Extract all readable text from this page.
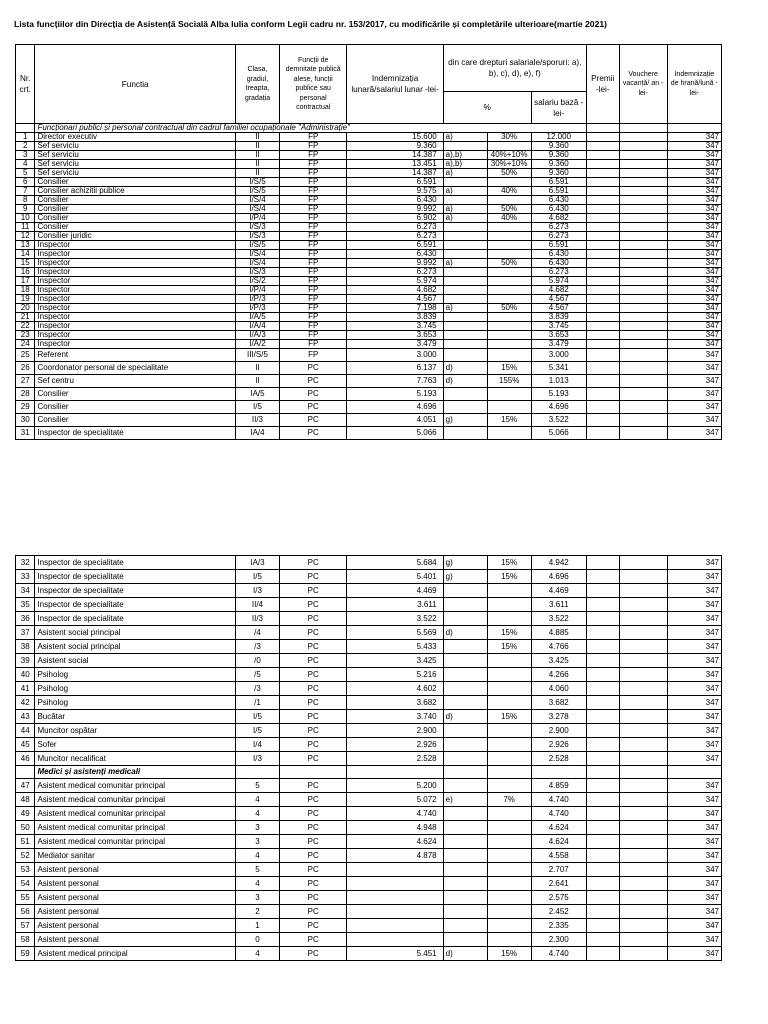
Lista funcțiilor din Direcția de Asistență Socială Alba Iulia conform Legii cadru nr. 153/2017, cu modificările și completările ulterioare(martie 2021)
Nr. crt.	Functia	Clasa, gradul, treapta, gradația	Funcții de demnitate publică alese, funcții publice sau personal contractual	Indemnizația lunară/salariul lunar -lei-	din care drepturi salariale/sporuri: a), b), c), d), e), f)			Premii -lei-	Vouchere vacanță/ an -lei-	Indemnizație de hrană/lună -lei-
					%		salariu bază -lei-			
	Funcționari publici și personal contractual din cadrul familiei ocupaționale "Administrație"									
1	Director executiv	II	FP	15.600	a)	30%	12.000			347
2	Sef serviciu	II	FP	9.360			9.360			347
3	Sef serviciu	II	FP	14.387	a),b)	40%+10%	9.360			347
4	Sef serviciu	II	FP	13.451	a),b)	30%+10%	9.360			347
5	Sef serviciu	II	FP	14.387	a)	50%	9.360			347
6	Consilier	I/S/5	FP	6.591			6.591			347
7	Consilier achizitii publice	I/S/5	FP	9.575	a)	40%	6.591			347
8	Consilier	I/S/4	FP	6.430			6.430			347
9	Consilier	I/S/4	FP	9.992	a)	50%	6.430			347
10	Consilier	I/P/4	FP	6.902	a)	40%	4.682			347
11	Consilier	I/S/3	FP	6.273			6.273			347
12	Consilier juridic	I/S/3	FP	6.273			6.273			347
13	Inspector	I/S/5	FP	6.591			6.591			347
14	Inspector	I/S/4	FP	6.430			6.430			347
15	Inspector	I/S/4	FP	9.992	a)	50%	6.430			347
16	Inspector	I/S/3	FP	6.273			6.273			347
17	Inspector	I/S/2	FP	5.974			5.974			347
18	Inspector	I/P/4	FP	4.682			4.682			347
19	Inspector	I/P/3	FP	4.567			4.567			347
20	Inspector	I/P/3	FP	7.198	a)	50%	4.567			347
21	Inspector	I/A/5	FP	3.839			3.839			347
22	Inspector	I/A/4	FP	3.745			3.745			347
23	Inspector	I/A/3	FP	3.653			3.653			347
24	Inspector	I/A/2	FP	3.479			3.479			347
25	Referent	III/S/5	FP	3.000			3.000			347
26	Coordonator personal de specialitate	II	PC	6.137	d)	15%	5.341			347
27	Sef centru	II	PC	7.763	d)	155%	1.013			347
28	Consilier	IA/5	PC	5.193			5.193			347
29	Consilier	I/5	PC	4.696			4.696			347
30	Consilier	II/3	PC	4.051	g)	15%	3.522			347
31	Inspector de specialitate	IA/4	PC	5.066			5.066			347
32	Inspector de specialitate	IA/3	PC	5.684	g)	15%	4.942			347
33	Inspector de specialitate	I/5	PC	5.401	g)	15%	4.696			347
34	Inspector de specialitate	I/3	PC	4.469			4.469			347
35	Inspector de specialitate	II/4	PC	3.611			3.611			347
36	Inspector de specialitate	II/3	PC	3.522			3.522			347
37	Asistent social principal	/4	PC	5.569	d)	15%	4.885			347
38	Asistent social principal	/3	PC	5.433		15%	4.766			347
39	Asistent social	/0	PC	3.425			3.425			347
40	Psiholog	/5	PC	5.216			4.266			347
41	Psiholog	/3	PC	4.602			4.060			347
42	Psiholog	/1	PC	3.682			3.682			347
43	Bucătar	I/5	PC	3.740	d)	15%	3.278			347
44	Muncitor ospătar	I/5	PC	2.900			2.900			347
45	Sofer	I/4	PC	2.926			2.926			347
46	Muncitor necalificat	I/3	PC	2.528			2.528			347
	Medici și asistenți medicali									
47	Asistent medical comunitar principal	5	PC	5.200			4.859			347
48	Asistent medical comunitar principal	4	PC	5.072	e)	7%	4.740			347
49	Asistent medical comunitar principal	4	PC	4.740			4.740			347
50	Asistent medical comunitar principal	3	PC	4.948			4.624			347
51	Asistent medical comunitar principal	3	PC	4.624			4.624			347
52	Mediator sanitar	4	PC	4.878			4.558			347
53	Asistent personal	5	PC				2.707			347
54	Asistent personal	4	PC				2.641			347
55	Asistent personal	3	PC				2.575			347
56	Asistent personal	2	PC				2.452			347
57	Asistent personal	1	PC				2.335			347
58	Asistent personal	0	PC				2.300			347
59	Asistent medical principal	4	PC	5.451	d)	15%	4.740			347
